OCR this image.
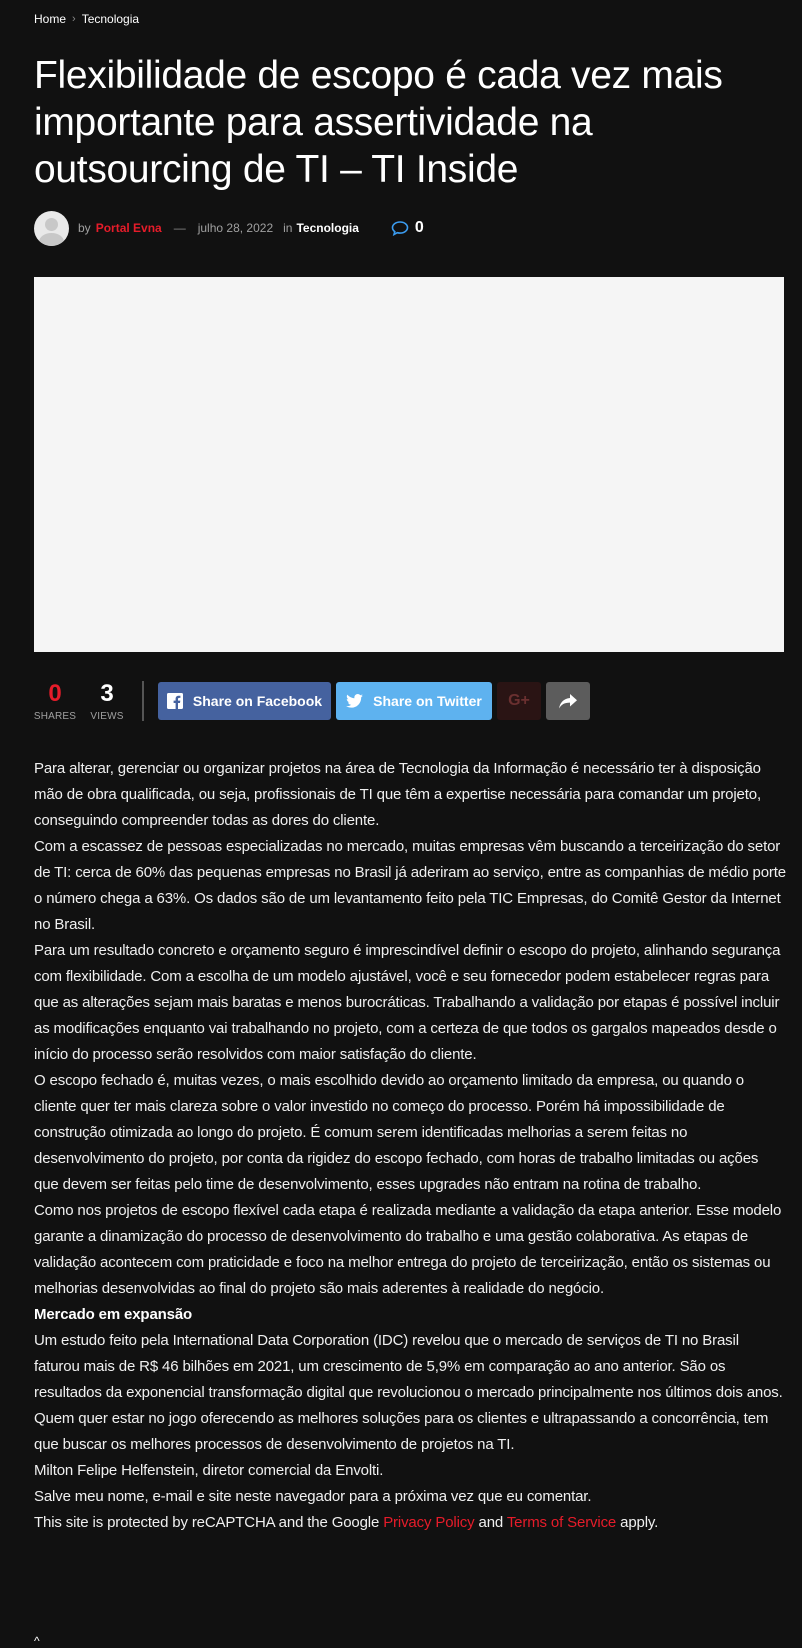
Home › Tecnologia
Flexibilidade de escopo é cada vez mais importante para assertividade na outsourcing de TI – TI Inside
by Portal Evna — julho 28, 2022 in Tecnologia	0
0
SHARES
3
VIEWS
Share on Facebook	Share on Twitter G+

Para alterar, gerenciar ou organizar projetos na área de Tecnologia da Informação é necessário ter à disposição mão de obra qualificada, ou seja, profissionais de TI que têm a expertise necessária para comandar um projeto, conseguindo compreender todas as dores do cliente.

Com a escassez de pessoas especializadas no mercado, muitas empresas vêm buscando a terceirização do setor de TI: cerca de 60% das pequenas empresas no Brasil já aderiram ao serviço, entre as companhias de médio porte o número chega a 63%. Os dados são de um levantamento feito pela TIC Empresas, do Comitê Gestor da Internet no Brasil.

Para um resultado concreto e orçamento seguro é imprescindível definir o escopo do projeto, alinhando segurança com flexibilidade. Com a escolha de um modelo ajustável, você e seu fornecedor podem estabelecer regras para que as alterações sejam mais baratas e menos burocráticas. Trabalhando a validação por etapas é possível incluir as modificações enquanto vai trabalhando no projeto, com a certeza de que todos os gargalos mapeados desde o início do processo serão resolvidos com maior satisfação do cliente.

O escopo fechado é, muitas vezes, o mais escolhido devido ao orçamento limitado da empresa, ou quando o cliente quer ter mais clareza sobre o valor investido no começo do processo. Porém há impossibilidade de construção otimizada ao longo do projeto. É comum serem identificadas melhorias a serem feitas no desenvolvimento do projeto, por conta da rigidez do escopo fechado, com horas de trabalho limitadas ou ações que devem ser feitas pelo time de desenvolvimento, esses upgrades não entram na rotina de trabalho.

Como nos projetos de escopo flexível cada etapa é realizada mediante a validação da etapa anterior. Esse modelo garante a dinamização do processo de desenvolvimento do trabalho e uma gestão colaborativa. As etapas de validação acontecem com praticidade e foco na melhor entrega do projeto de terceirização, então os sistemas ou melhorias desenvolvidas ao final do projeto são mais aderentes à realidade do negócio.

Mercado em expansão

Um estudo feito pela International Data Corporation (IDC) revelou que o mercado de serviços de TI no Brasil faturou mais de R$ 46 bilhões em 2021, um crescimento de 5,9% em comparação ao ano anterior. São os resultados da exponencial transformação digital que revolucionou o mercado principalmente nos últimos dois anos. Quem quer estar no jogo oferecendo as melhores soluções para os clientes e ultrapassando a concorrência, tem que buscar os melhores processos de desenvolvimento de projetos na TI.

Milton Felipe Helfenstein, diretor comercial da Envolti.

Salve meu nome, e-mail e site neste navegador para a próxima vez que eu comentar.

This site is protected by reCAPTCHA and the Google Privacy Policy and Terms of Service apply.

^
